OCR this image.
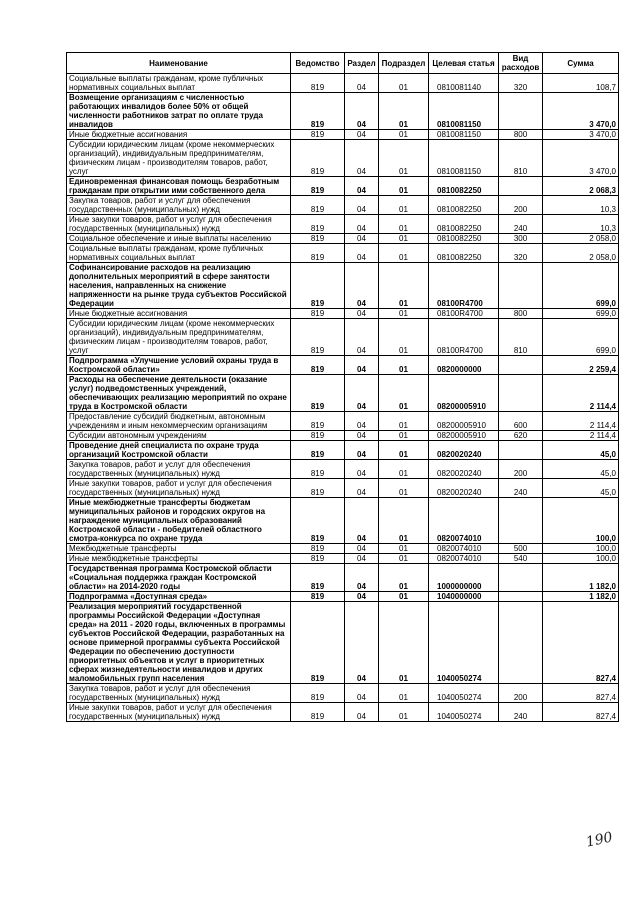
Наименование	Ведомство	Раздел	Подраздел	Целевая статья	Вид расходов	Сумма
Социальные выплаты гражданам, кроме публичных нормативных социальных выплат	819	04	01	0810081140	320	108,7
Возмещение организациям с численностью работающих инвалидов более 50% от общей численности работников затрат по оплате труда инвалидов	819	04	01	0810081150		3 470,0
Иные бюджетные ассигнования	819	04	01	0810081150	800	3 470,0
Субсидии юридическим лицам (кроме некоммерческих организаций), индивидуальным предпринимателям, физическим лицам - производителям товаров, работ, услуг	819	04	01	0810081150	810	3 470,0
Единовременная финансовая помощь безработным гражданам при открытии ими собственного дела	819	04	01	0810082250		2 068,3
Закупка товаров, работ и услуг для обеспечения государственных (муниципальных) нужд	819	04	01	0810082250	200	10,3
Иные закупки товаров, работ и услуг для обеспечения государственных (муниципальных) нужд	819	04	01	0810082250	240	10,3
Социальное обеспечение и иные выплаты населению	819	04	01	0810082250	300	2 058,0
Социальные выплаты гражданам, кроме публичных нормативных социальных выплат	819	04	01	0810082250	320	2 058,0
Софинансирование расходов на реализацию дополнительных мероприятий в сфере занятости населения, направленных на снижение напряженности на рынке труда субъектов Российской Федерации	819	04	01	08100R4700		699,0
Иные бюджетные ассигнования	819	04	01	08100R4700	800	699,0
Субсидии юридическим лицам (кроме некоммерческих организаций), индивидуальным предпринимателям, физическим лицам - производителям товаров, работ, услуг	819	04	01	08100R4700	810	699,0
Подпрограмма «Улучшение условий охраны труда в Костромской области»	819	04	01	0820000000		2 259,4
Расходы на обеспечение деятельности (оказание услуг) подведомственных учреждений, обеспечивающих реализацию мероприятий по охране труда в Костромской области	819	04	01	08200005910		2 114,4
Предоставление субсидий бюджетным, автономным учреждениям и иным некоммерческим организациям	819	04	01	08200005910	600	2 114,4
Субсидии автономным учреждениям	819	04	01	08200005910	620	2 114,4
Проведение дней специалиста по охране труда организаций Костромской области	819	04	01	0820020240		45,0
Закупка товаров, работ и услуг для обеспечения государственных (муниципальных) нужд	819	04	01	0820020240	200	45,0
Иные закупки товаров, работ и услуг для обеспечения государственных (муниципальных) нужд	819	04	01	0820020240	240	45,0
Иные межбюджетные трансферты бюджетам муниципальных районов и городских округов на награждение муниципальных образований Костромской области - победителей областного смотра-конкурса по охране труда	819	04	01	0820074010		100,0
Межбюджетные трансферты	819	04	01	0820074010	500	100,0
Иные межбюджетные трансферты	819	04	01	0820074010	540	100,0
Государственная программа Костромской области «Социальная поддержка граждан Костромской области» на 2014-2020 годы	819	04	01	1000000000		1 182,0
Подпрограмма «Доступная среда»	819	04	01	1040000000		1 182,0
Реализация мероприятий государственной программы Российской Федерации «Доступная среда» на 2011 - 2020 годы, включенных в программы субъектов Российской Федерации, разработанных на основе примерной программы субъекта Российской Федерации по обеспечению доступности приоритетных объектов и услуг в приоритетных сферах жизнедеятельности инвалидов и других маломобильных групп населения	819	04	01	1040050274		827,4
Закупка товаров, работ и услуг для обеспечения государственных (муниципальных) нужд	819	04	01	1040050274	200	827,4
Иные закупки товаров, работ и услуг для обеспечения государственных (муниципальных) нужд	819	04	01	1040050274	240	827,4
190
